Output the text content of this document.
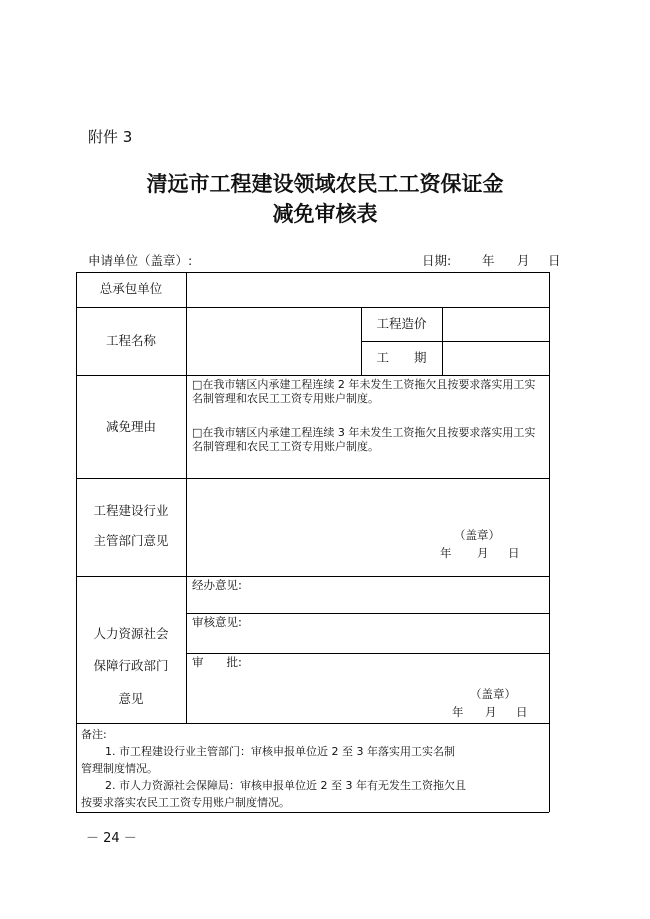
附件 3
清远市工程建设领域农民工工资保证金
减免审核表
申请单位（盖章）:	日期: 年 月 日
总承包单位
工程名称
工程造价
工　　期
减免理由
□在我市辖区内承建工程连续 2 年未发生工资拖欠且按要求落实用工实名制管理和农民工工资专用账户制度。
□在我市辖区内承建工程连续 3 年未发生工资拖欠且按要求落实用工实名制管理和农民工工资专用账户制度。
工程建设行业
主管部门意见	（盖章）
年 月 日
人力资源社会
保障行政部门
意见
经办意见:
审核意见:
审　　批:
（盖章）
年 月 日
备注:
1. 市工程建设行业主管部门：审核申报单位近 2 至 3 年落实用工实名制
管理制度情况。
2. 市人力资源社会保障局：审核申报单位近 2 至 3 年有无发生工资拖欠且
按要求落实农民工工资专用账户制度情况。
－ 24 －
